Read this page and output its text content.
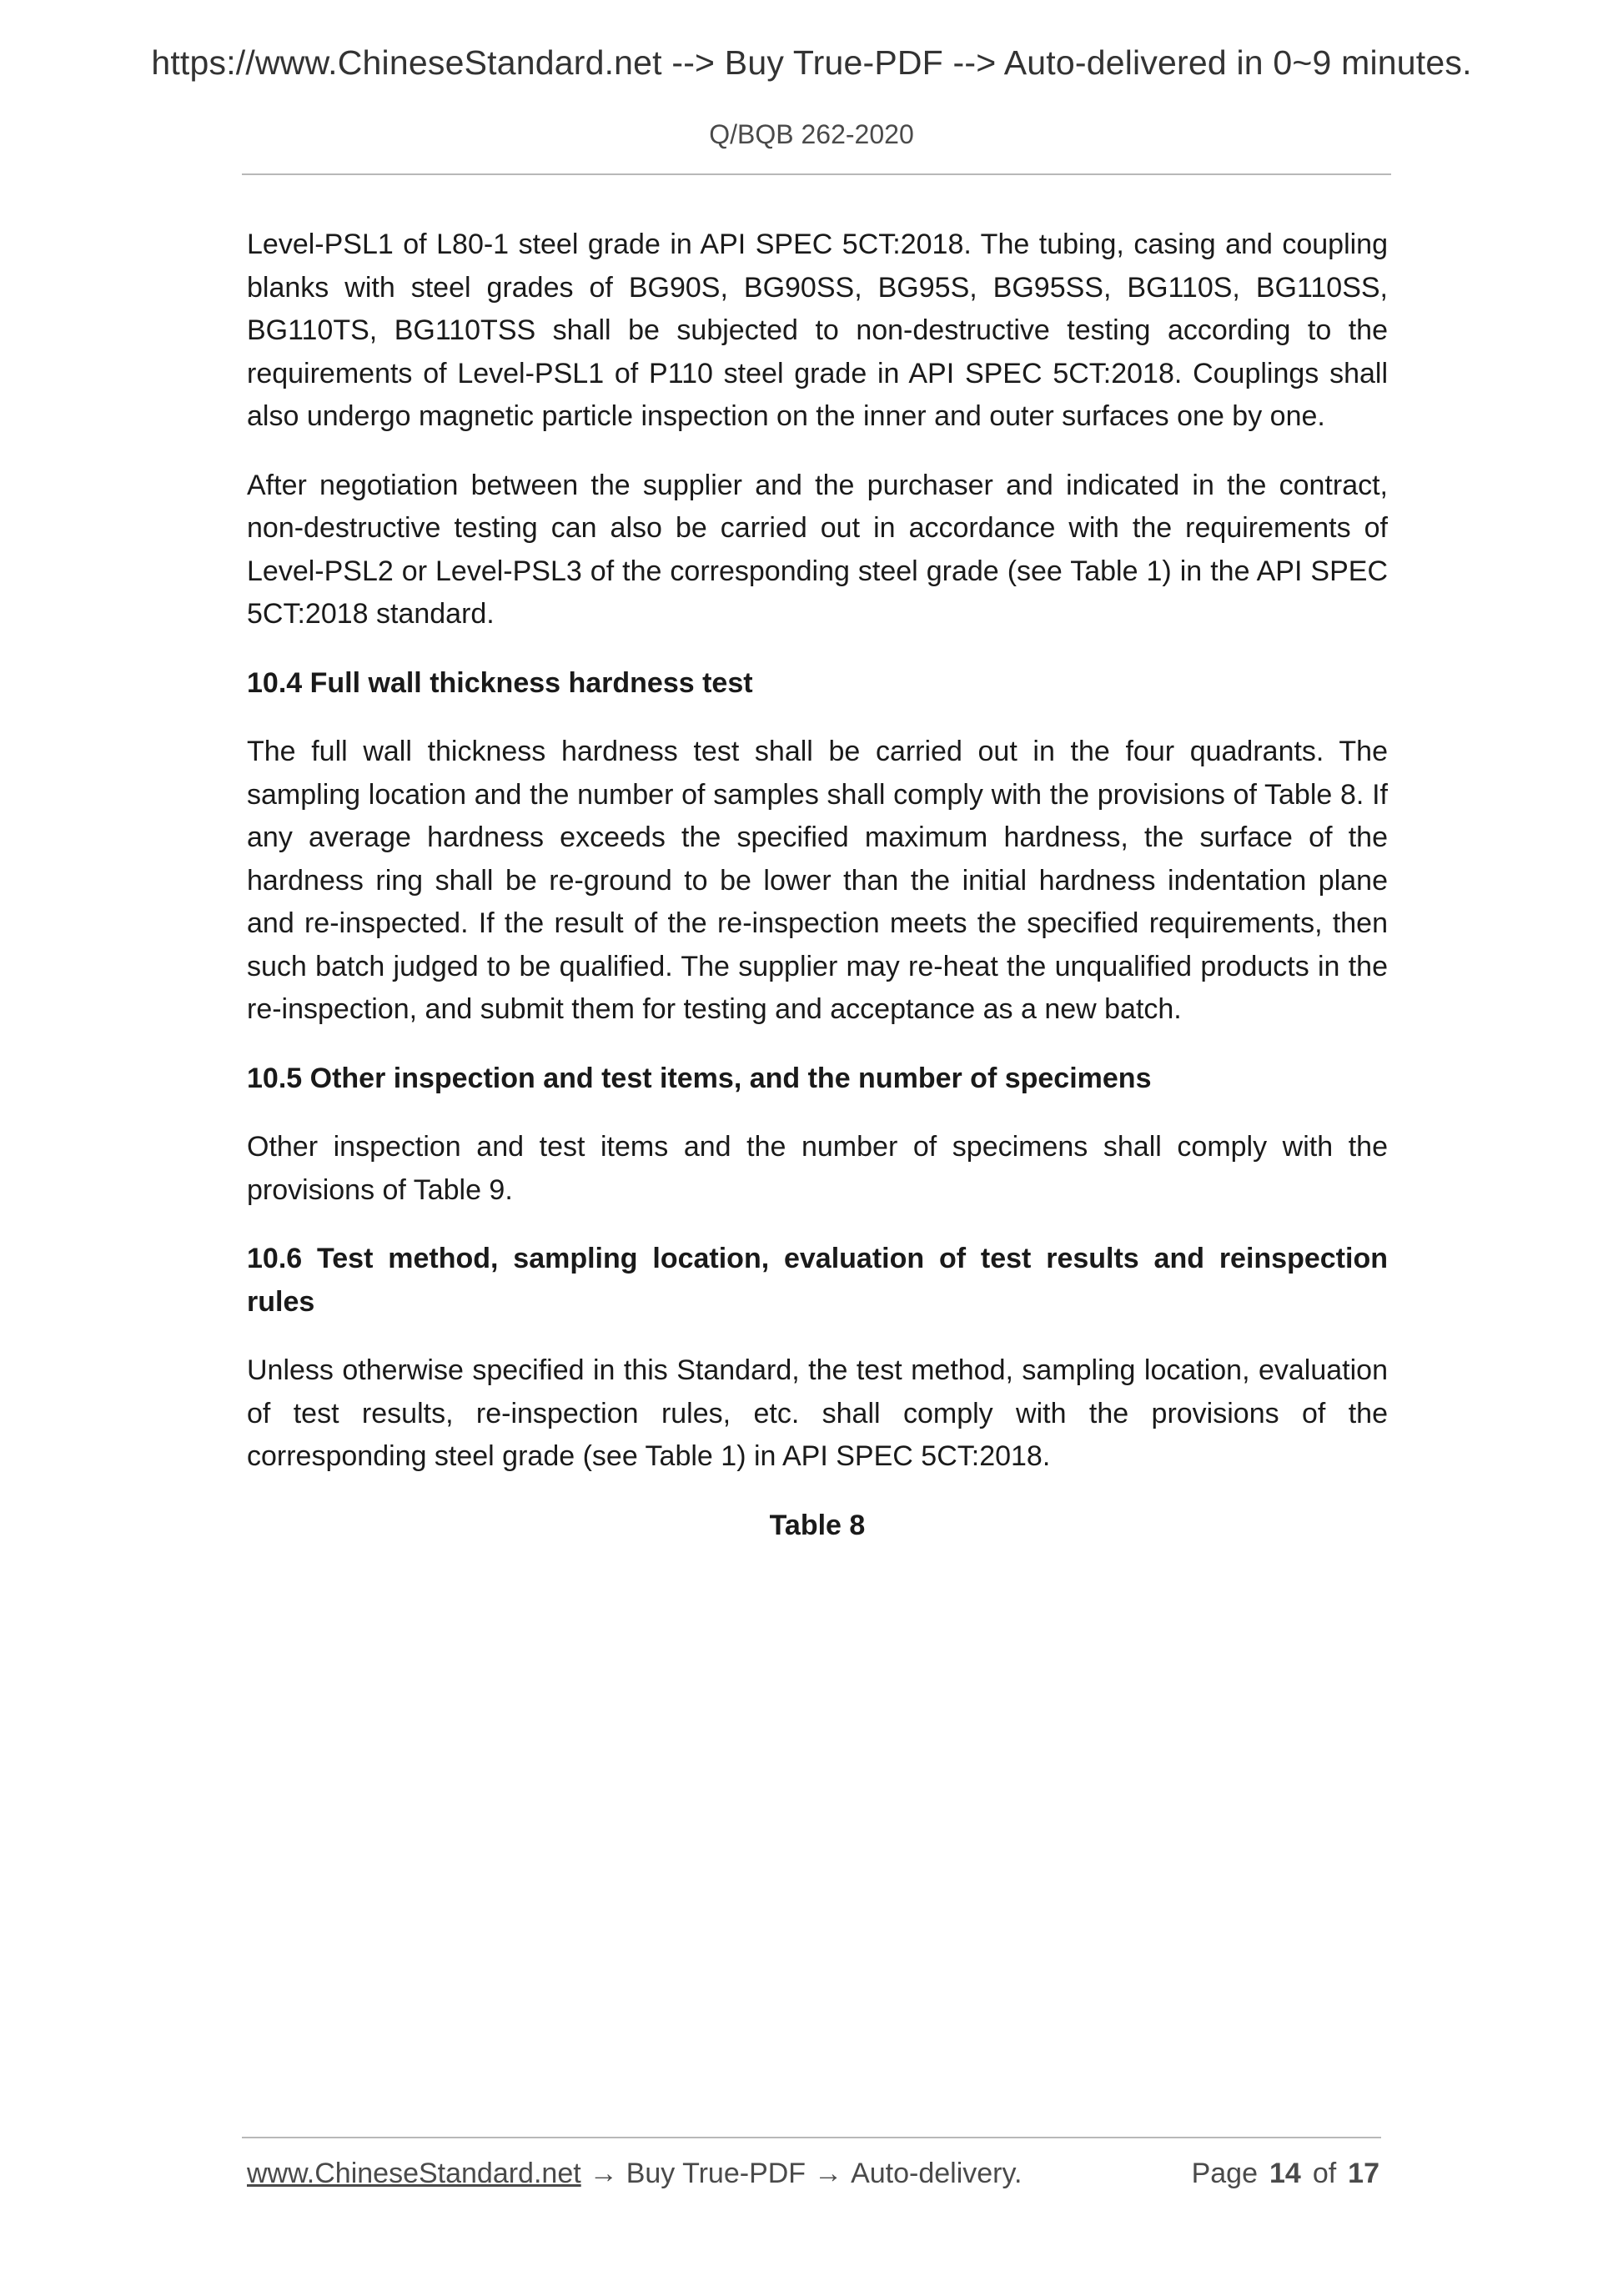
https://www.ChineseStandard.net --> Buy True-PDF --> Auto-delivered in 0~9 minutes.
Q/BQB 262-2020

Level-PSL1 of L80-1 steel grade in API SPEC 5CT:2018. The tubing, casing and coupling blanks with steel grades of BG90S, BG90SS, BG95S, BG95SS, BG110S, BG110SS, BG110TS, BG110TSS shall be subjected to non-destructive testing according to the requirements of Level-PSL1 of P110 steel grade in API SPEC 5CT:2018. Couplings shall also undergo magnetic particle inspection on the inner and outer surfaces one by one.

After negotiation between the supplier and the purchaser and indicated in the contract, non-destructive testing can also be carried out in accordance with the requirements of Level-PSL2 or Level-PSL3 of the corresponding steel grade (see Table 1) in the API SPEC 5CT:2018 standard.

10.4 Full wall thickness hardness test

The full wall thickness hardness test shall be carried out in the four quadrants. The sampling location and the number of samples shall comply with the provisions of Table 8. If any average hardness exceeds the specified maximum hardness, the surface of the hardness ring shall be re-ground to be lower than the initial hardness indentation plane and re-inspected. If the result of the re-inspection meets the specified requirements, then such batch judged to be qualified. The supplier may re-heat the unqualified products in the re-inspection, and submit them for testing and acceptance as a new batch.

10.5 Other inspection and test items, and the number of specimens

Other inspection and test items and the number of specimens shall comply with the provisions of Table 9.

10.6 Test method, sampling location, evaluation of test results and reinspection rules

Unless otherwise specified in this Standard, the test method, sampling location, evaluation of test results, re-inspection rules, etc. shall comply with the provisions of the corresponding steel grade (see Table 1) in API SPEC 5CT:2018.

Table 8

www.ChineseStandard.net → Buy True-PDF → Auto-delivery.	Page 14 of 17
